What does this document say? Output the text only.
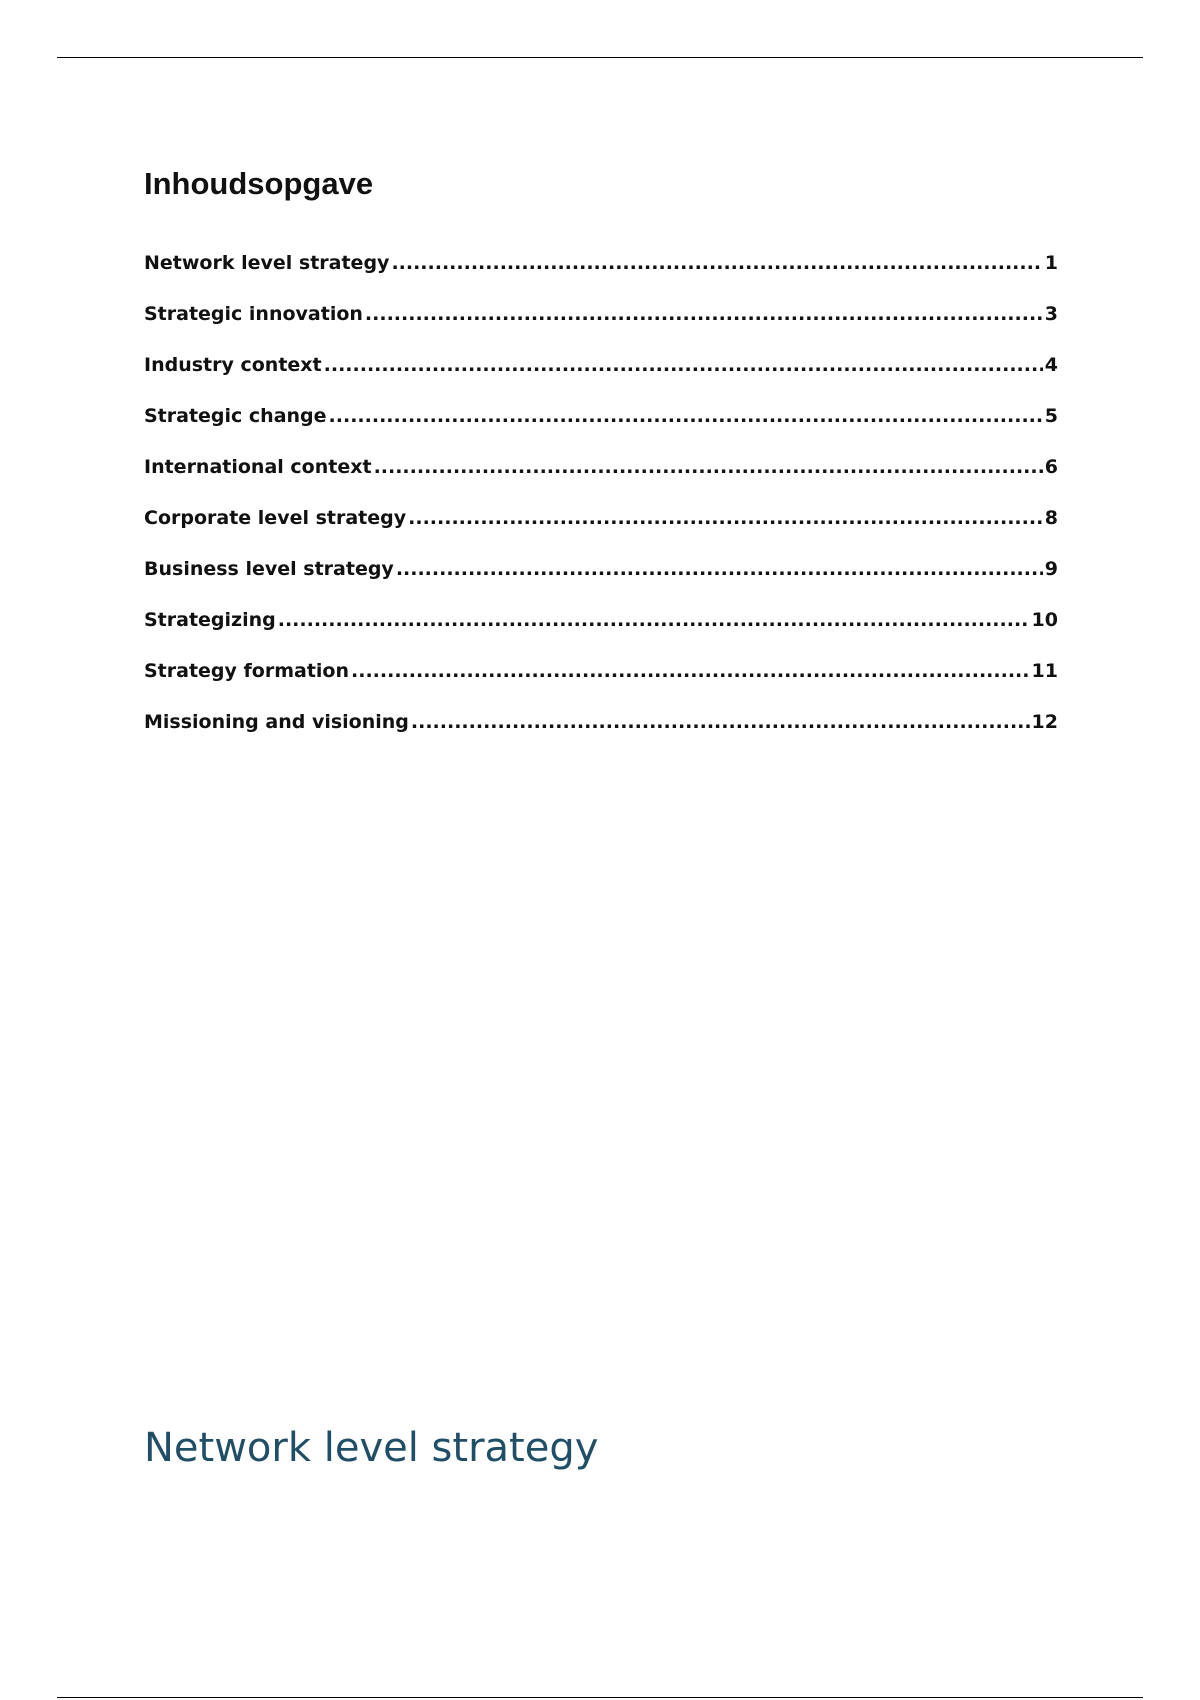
Inhoudsopgave
Network level strategy .....	1
Strategic innovation .....	3
Industry context .....	4
Strategic change .....	5
International context .....	6
Corporate level strategy .....	8
Business level strategy .....	9
Strategizing .....	10
Strategy formation .....	11
Missioning and visioning .....	12
Network level strategy
